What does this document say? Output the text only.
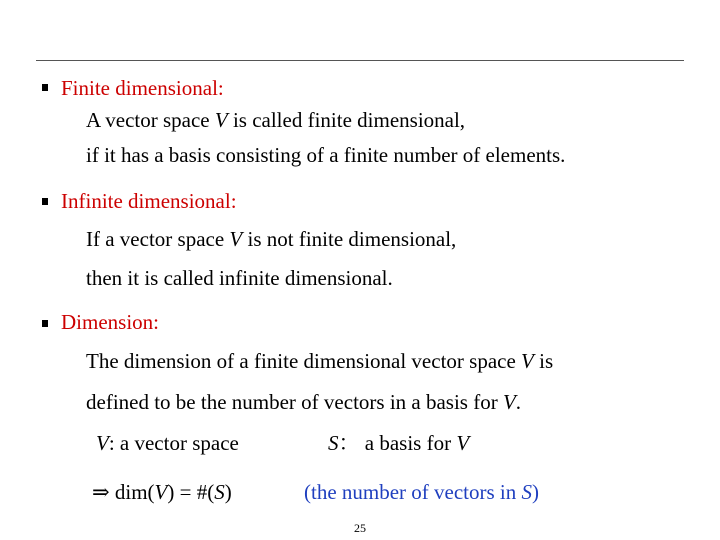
Finite dimensional:
A vector space V is called finite dimensional,
if it has a basis consisting of a finite number of elements.
Infinite dimensional:
If a vector space V is not finite dimensional,
then it is called infinite dimensional.
Dimension:
The dimension of a finite dimensional vector space V is
defined to be the number of vectors in a basis for V.
V: a vector space	S： a basis for V
⇒ dim(V) = #(S)	(the number of vectors in S)
25
